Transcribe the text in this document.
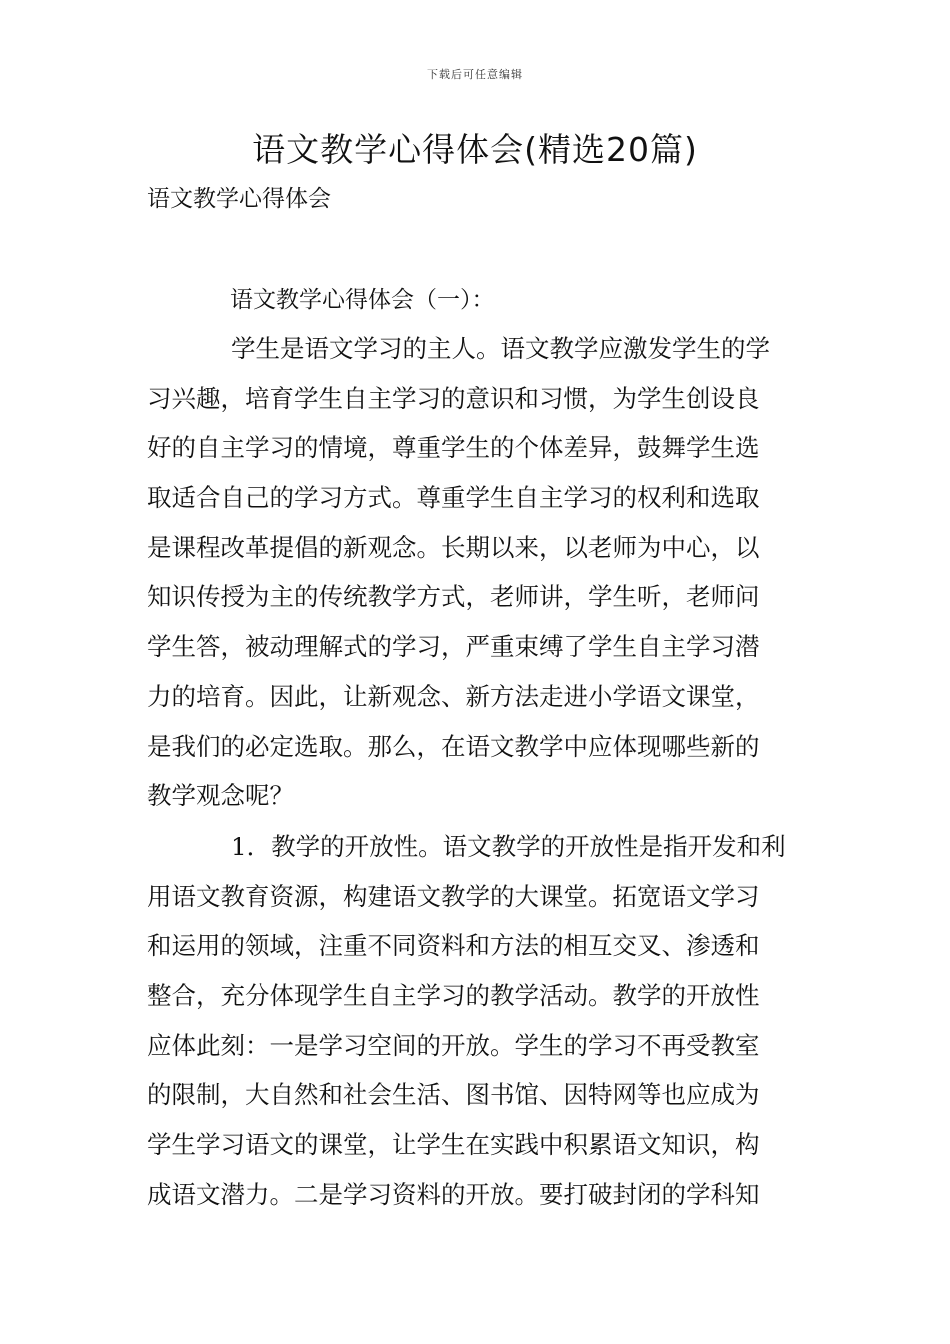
下载后可任意编辑
语文教学心得体会(精选20篇)

语文教学心得体会

语文教学心得体会（一）：

学生是语文学习的主人。语文教学应激发学生的学
习兴趣，培育学生自主学习的意识和习惯，为学生创设良
好的自主学习的情境，尊重学生的个体差异，鼓舞学生选
取适合自己的学习方式。尊重学生自主学习的权利和选取
是课程改革提倡的新观念。长期以来，以老师为中心，以
知识传授为主的传统教学方式，老师讲，学生听，老师问
学生答，被动理解式的学习，严重束缚了学生自主学习潜
力的培育。因此，让新观念、新方法走进小学语文课堂，
是我们的必定选取。那么，在语文教学中应体现哪些新的
教学观念呢？
1．教学的开放性。语文教学的开放性是指开发和利
用语文教育资源，构建语文教学的大课堂。拓宽语文学习
和运用的领域，注重不同资料和方法的相互交叉、渗透和
整合，充分体现学生自主学习的教学活动。教学的开放性
应体此刻：一是学习空间的开放。学生的学习不再受教室
的限制，大自然和社会生活、图书馆、因特网等也应成为
学生学习语文的课堂，让学生在实践中积累语文知识，构
成语文潜力。二是学习资料的开放。要打破封闭的学科知
